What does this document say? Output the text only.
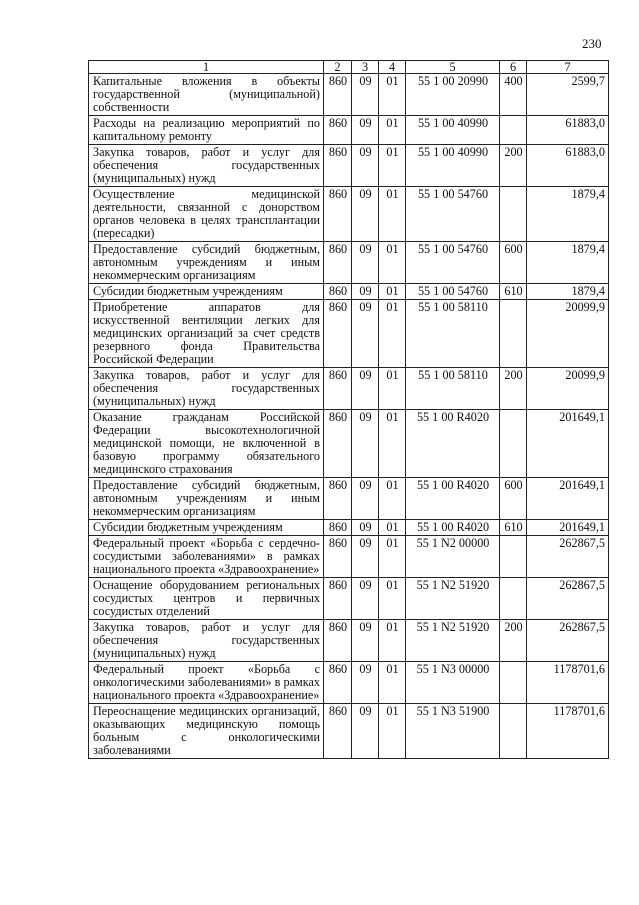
230
1	2	3	4	5	6	7
Капитальные вложения в объекты государственной (муниципальной) собственности	860	09	01	55 1 00 20990	400	2599,7
Расходы на реализацию мероприятий по капитальному ремонту	860	09	01	55 1 00 40990		61883,0
Закупка товаров, работ и услуг для обеспечения государственных (муниципальных) нужд	860	09	01	55 1 00 40990	200	61883,0
Осуществление медицинской деятельности, связанной с донорством органов человека в целях трансплантации (пересадки)	860	09	01	55 1 00 54760		1879,4
Предоставление субсидий бюджетным, автономным учреждениям и иным некоммерческим организациям	860	09	01	55 1 00 54760	600	1879,4
Субсидии бюджетным учреждениям	860	09	01	55 1 00 54760	610	1879,4
Приобретение аппаратов для искусственной вентиляции легких для медицинских организаций за счет средств резервного фонда Правительства Российской Федерации	860	09	01	55 1 00 58110		20099,9
Закупка товаров, работ и услуг для обеспечения государственных (муниципальных) нужд	860	09	01	55 1 00 58110	200	20099,9
Оказание гражданам Российской Федерации высокотехнологичной медицинской помощи, не включенной в базовую программу обязательного медицинского страхования	860	09	01	55 1 00 R4020		201649,1
Предоставление субсидий бюджетным, автономным учреждениям и иным некоммерческим организациям	860	09	01	55 1 00 R4020	600	201649,1
Субсидии бюджетным учреждениям	860	09	01	55 1 00 R4020	610	201649,1
Федеральный проект «Борьба с сердечно-сосудистыми заболеваниями» в рамках национального проекта «Здравоохранение»	860	09	01	55 1 N2 00000		262867,5
Оснащение оборудованием региональных сосудистых центров и первичных сосудистых отделений	860	09	01	55 1 N2 51920		262867,5
Закупка товаров, работ и услуг для обеспечения государственных (муниципальных) нужд	860	09	01	55 1 N2 51920	200	262867,5
Федеральный проект «Борьба с онкологическими заболеваниями» в рамках национального проекта «Здравоохранение»	860	09	01	55 1 N3 00000		1178701,6
Переоснащение медицинских организаций, оказывающих медицинскую помощь больным с онкологическими заболеваниями	860	09	01	55 1 N3 51900		1178701,6
